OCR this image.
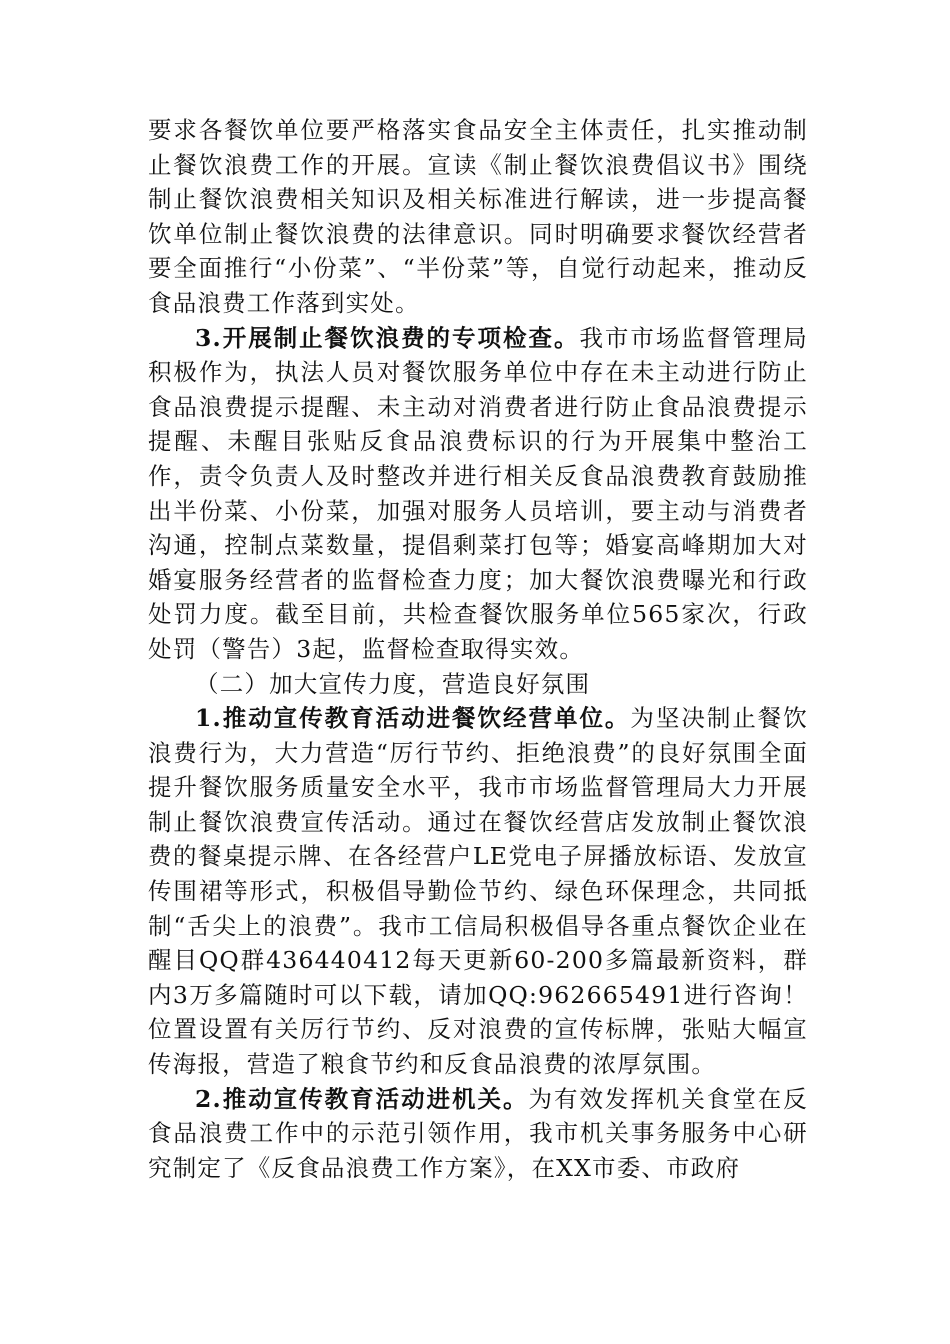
要求各餐饮单位要严格落实食品安全主体责任，扎实推动制止餐饮浪费工作的开展。宣读《制止餐饮浪费倡议书》围绕制止餐饮浪费相关知识及相关标准进行解读，进一步提高餐饮单位制止餐饮浪费的法律意识。同时明确要求餐饮经营者要全面推行“小份菜”、“半份菜”等，自觉行动起来，推动反食品浪费工作落到实处。

3.开展制止餐饮浪费的专项检查。我市市场监督管理局积极作为，执法人员对餐饮服务单位中存在未主动进行防止食品浪费提示提醒、未主动对消费者进行防止食品浪费提示提醒、未醒目张贴反食品浪费标识的行为开展集中整治工作，责令负责人及时整改并进行相关反食品浪费教育鼓励推出半份菜、小份菜，加强对服务人员培训，要主动与消费者沟通，控制点菜数量，提倡剩菜打包等；婚宴高峰期加大对婚宴服务经营者的监督检查力度；加大餐饮浪费曝光和行政处罚力度。截至目前，共检查餐饮服务单位565家次，行政处罚（警告）3起，监督检查取得实效。

（二）加大宣传力度，营造良好氛围

1.推动宣传教育活动进餐饮经营单位。为坚决制止餐饮浪费行为，大力营造“厉行节约、拒绝浪费”的良好氛围全面提升餐饮服务质量安全水平，我市市场监督管理局大力开展制止餐饮浪费宣传活动。通过在餐饮经营店发放制止餐饮浪费的餐桌提示牌、在各经营户LE党电子屏播放标语、发放宣传围裙等形式，积极倡导勤俭节约、绿色环保理念，共同抵制“舌尖上的浪费”。我市工信局积极倡导各重点餐饮企业在醒目QQ群436440412每天更新60-200多篇最新资料，群内3万多篇随时可以下载，请加QQ:962665491进行咨询！位置设置有关厉行节约、反对浪费的宣传标牌，张贴大幅宣传海报，营造了粮食节约和反食品浪费的浓厚氛围。

2.推动宣传教育活动进机关。为有效发挥机关食堂在反食品浪费工作中的示范引领作用，我市机关事务服务中心研究制定了《反食品浪费工作方案》，在XX市委、市政府
